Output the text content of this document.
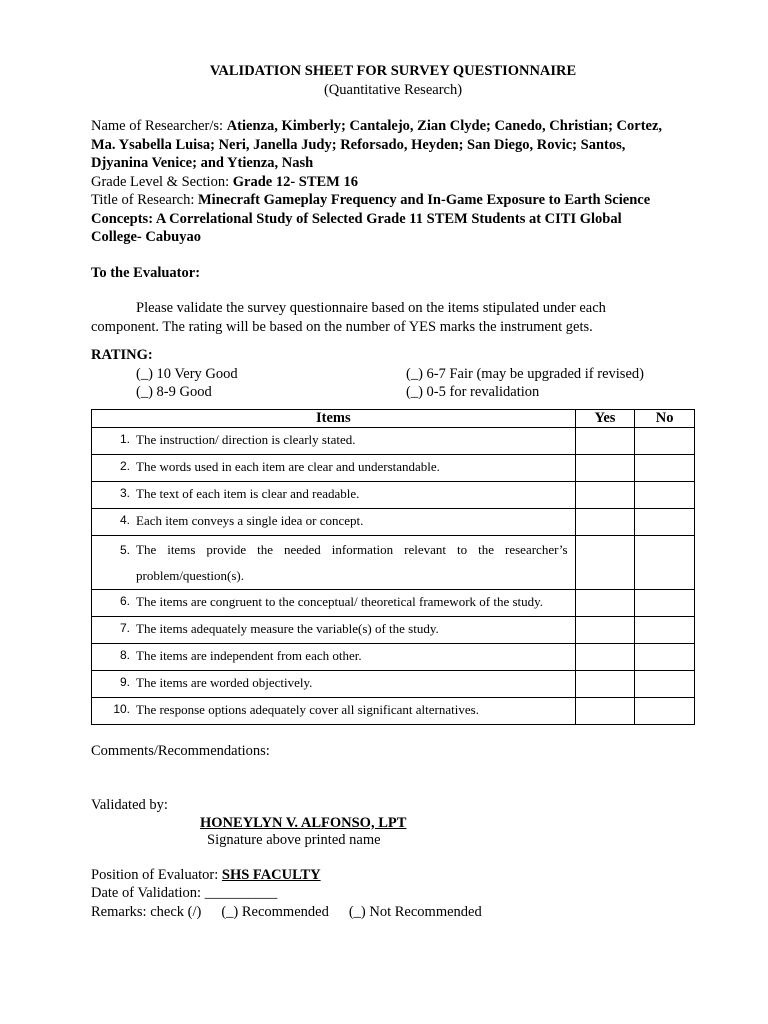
VALIDATION SHEET FOR SURVEY QUESTIONNAIRE
(Quantitative Research)
Name of Researcher/s: Atienza, Kimberly; Cantalejo, Zian Clyde; Canedo, Christian; Cortez,
Ma. Ysabella Luisa; Neri, Janella Judy; Reforsado, Heyden; San Diego, Rovic; Santos,
Djyanina Venice; and Ytienza, Nash
Grade Level & Section: Grade 12- STEM 16
Title of Research: Minecraft Gameplay Frequency and In-Game Exposure to Earth Science
Concepts: A Correlational Study of Selected Grade 11 STEM Students at CITI Global
College- Cabuyao
To the Evaluator:
Please validate the survey questionnaire based on the items stipulated under each
component. The rating will be based on the number of YES marks the instrument gets.
RATING:
(_) 10 Very Good	(_) 6-7 Fair (may be upgraded if revised)
(_) 8-9 Good	(_) 0-5 for revalidation
Items	Yes	No

1. The instruction/ direction is clearly stated.		

2. The words used in each item are clear and understandable.		

3. The text of each item is clear and readable.		

4. Each item conveys a single idea or concept.		

5. The items provide the needed information relevant to the researcher’s problem/question(s).		

6. The items are congruent to the conceptual/ theoretical framework of the study.		

7. The items adequately measure the variable(s) of the study.		

8. The items are independent from each other.		

9. The items are worded objectively.		

10. The response options adequately cover all significant alternatives.		

Comments/Recommendations:
Validated by:
HONEYLYN V. ALFONSO, LPT
Signature above printed name
Position of Evaluator: SHS FACULTY
Date of Validation: __________
Remarks: check (/) (_) Recommended (_) Not Recommended
